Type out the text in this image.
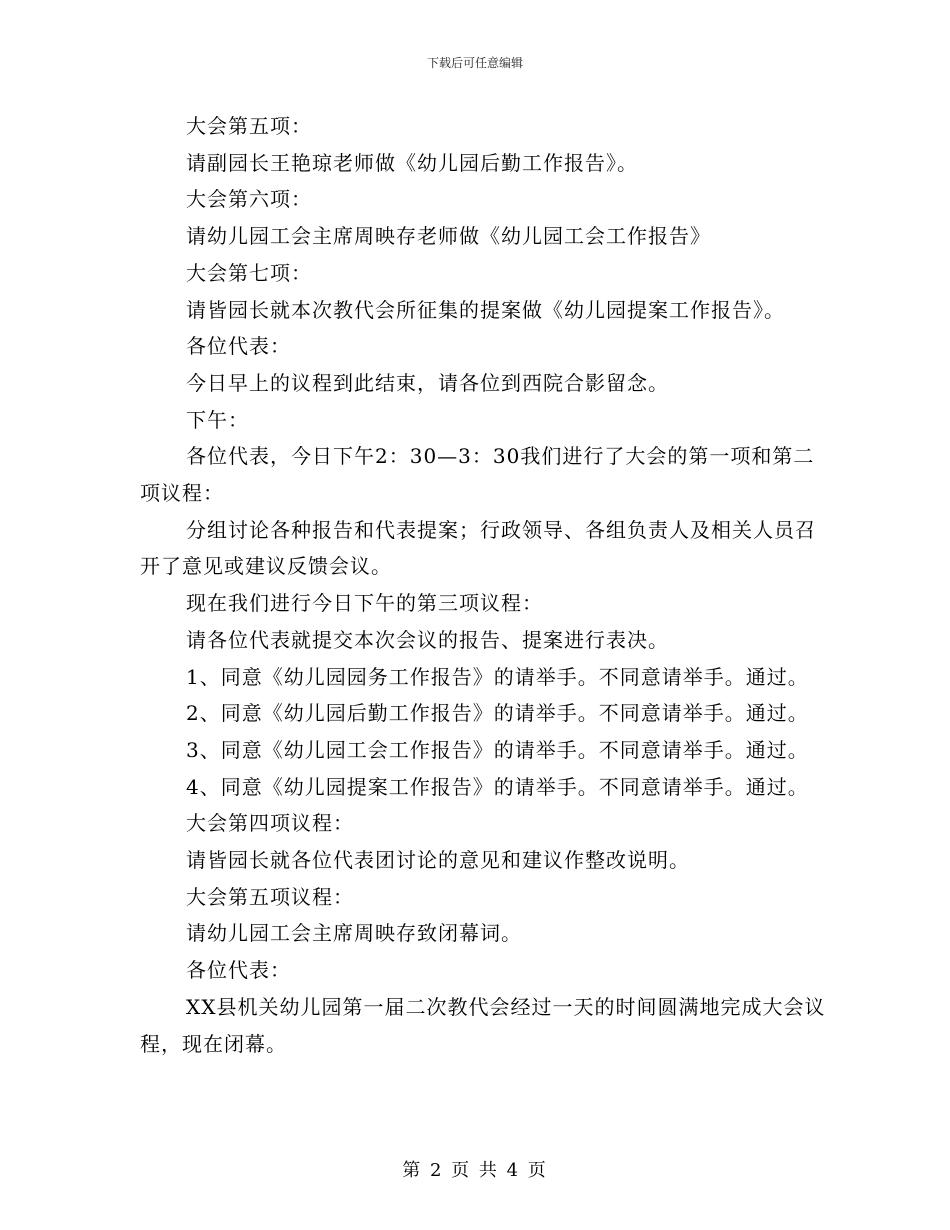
下载后可任意编辑

大会第五项：

请副园长王艳琼老师做《幼儿园后勤工作报告》。

大会第六项：

请幼儿园工会主席周映存老师做《幼儿园工会工作报告》

大会第七项：

请皆园长就本次教代会所征集的提案做《幼儿园提案工作报告》。

各位代表：

今日早上的议程到此结束，请各位到西院合影留念。

下午：

各位代表，今日下午2：30—3：30我们进行了大会的第一项和第二项议程：

分组讨论各种报告和代表提案；行政领导、各组负责人及相关人员召开了意见或建议反馈会议。

现在我们进行今日下午的第三项议程：

请各位代表就提交本次会议的报告、提案进行表决。

1、同意《幼儿园园务工作报告》的请举手。不同意请举手。通过。

2、同意《幼儿园后勤工作报告》的请举手。不同意请举手。通过。

3、同意《幼儿园工会工作报告》的请举手。不同意请举手。通过。

4、同意《幼儿园提案工作报告》的请举手。不同意请举手。通过。

大会第四项议程：

请皆园长就各位代表团讨论的意见和建议作整改说明。

大会第五项议程：

请幼儿园工会主席周映存致闭幕词。

各位代表：

XX县机关幼儿园第一届二次教代会经过一天的时间圆满地完成大会议程，现在闭幕。

第 2 页 共 4 页
